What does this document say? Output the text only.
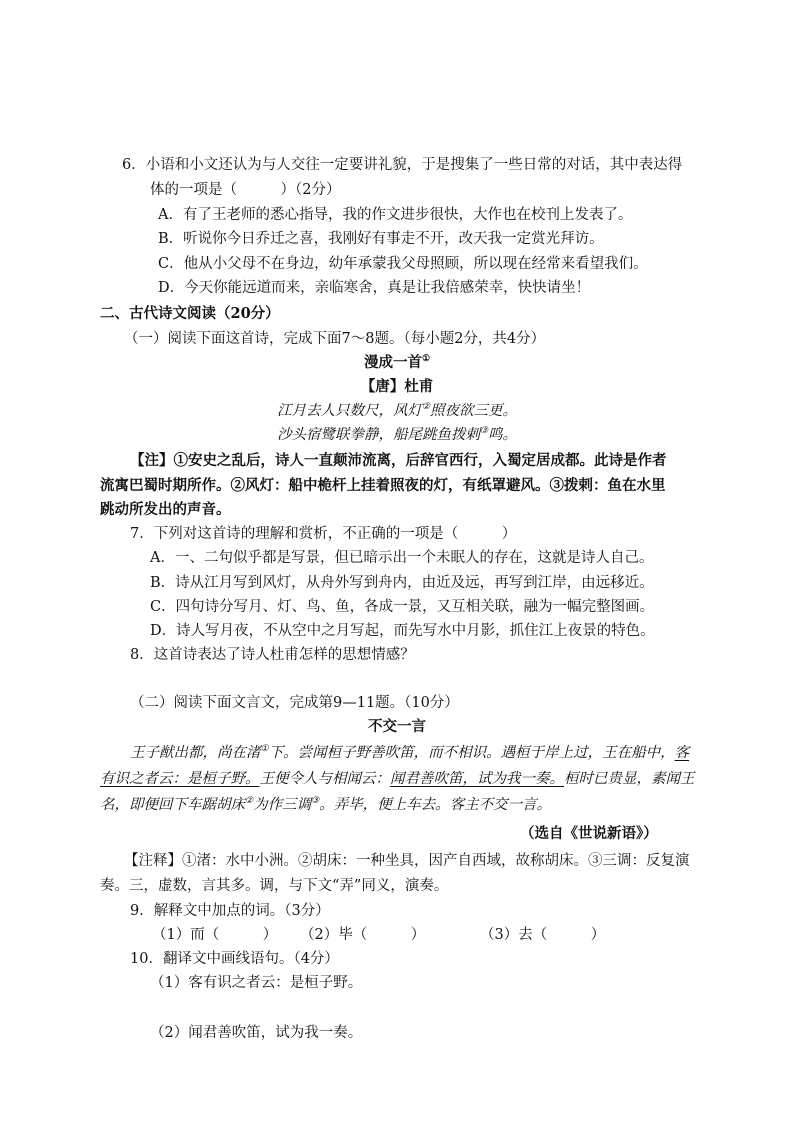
6．小语和小文还认为与人交往一定要讲礼貌，于是搜集了一些日常的对话，其中表达得
体的一项是（　　　）（2分）
A．有了王老师的悉心指导，我的作文进步很快，大作也在校刊上发表了。
B．听说你今日乔迁之喜，我刚好有事走不开，改天我一定赏光拜访。
C．他从小父母不在身边，幼年承蒙我父母照顾，所以现在经常来看望我们。
D．今天你能远道而来，亲临寒舍，真是让我倍感荣幸，快快请坐！
二、古代诗文阅读（20分）
（一）阅读下面这首诗，完成下面7～8题。（每小题2分，共4分）
漫成一首①
【唐】杜甫
江月去人只数尺，风灯②照夜欲三更。
沙头宿鹭联拳静，船尾跳鱼拨剌③鸣。
【注】①安史之乱后，诗人一直颠沛流离，后辞官西行，入蜀定居成都。此诗是作者
流寓巴蜀时期所作。②风灯：船中桅杆上挂着照夜的灯，有纸罩避风。③拨剌：鱼在水里
跳动所发出的声音。
7．下列对这首诗的理解和赏析，不正确的一项是（　　　）
A．一、二句似乎都是写景，但已暗示出一个未眠人的存在，这就是诗人自己。
B．诗从江月写到风灯，从舟外写到舟内，由近及远，再写到江岸，由远移近。
C．四句诗分写月、灯、鸟、鱼，各成一景，又互相关联，融为一幅完整图画。
D．诗人写月夜，不从空中之月写起，而先写水中月影，抓住江上夜景的特色。
8．这首诗表达了诗人杜甫怎样的思想情感？
（二）阅读下面文言文，完成第9—11题。（10分）
不交一言
王子猷出都，尚在渚①下。尝闻桓子野善吹笛，而不相识。遇桓于岸上过，王在船中，客
有识之者云：是桓子野。王便令人与相闻云：闻君善吹笛，试为我一奏。桓时已贵显，素闻王
名，即便回下车踞胡床②为作三调③。弄毕，便上车去。客主不交一言。
（选自《世说新语》）
【注释】①渚：水中小洲。②胡床：一种坐具，因产自西域，故称胡床。③三调：反复演
奏。三，虚数，言其多。调，与下文“弄”同义，演奏。
9．解释文中加点的词。（3分）
（1）而（　　　） （2）毕（　　　）	（3）去（　　　）
10．翻译文中画线语句。（4分）
（1）客有识之者云：是桓子野。
（2）闻君善吹笛，试为我一奏。
